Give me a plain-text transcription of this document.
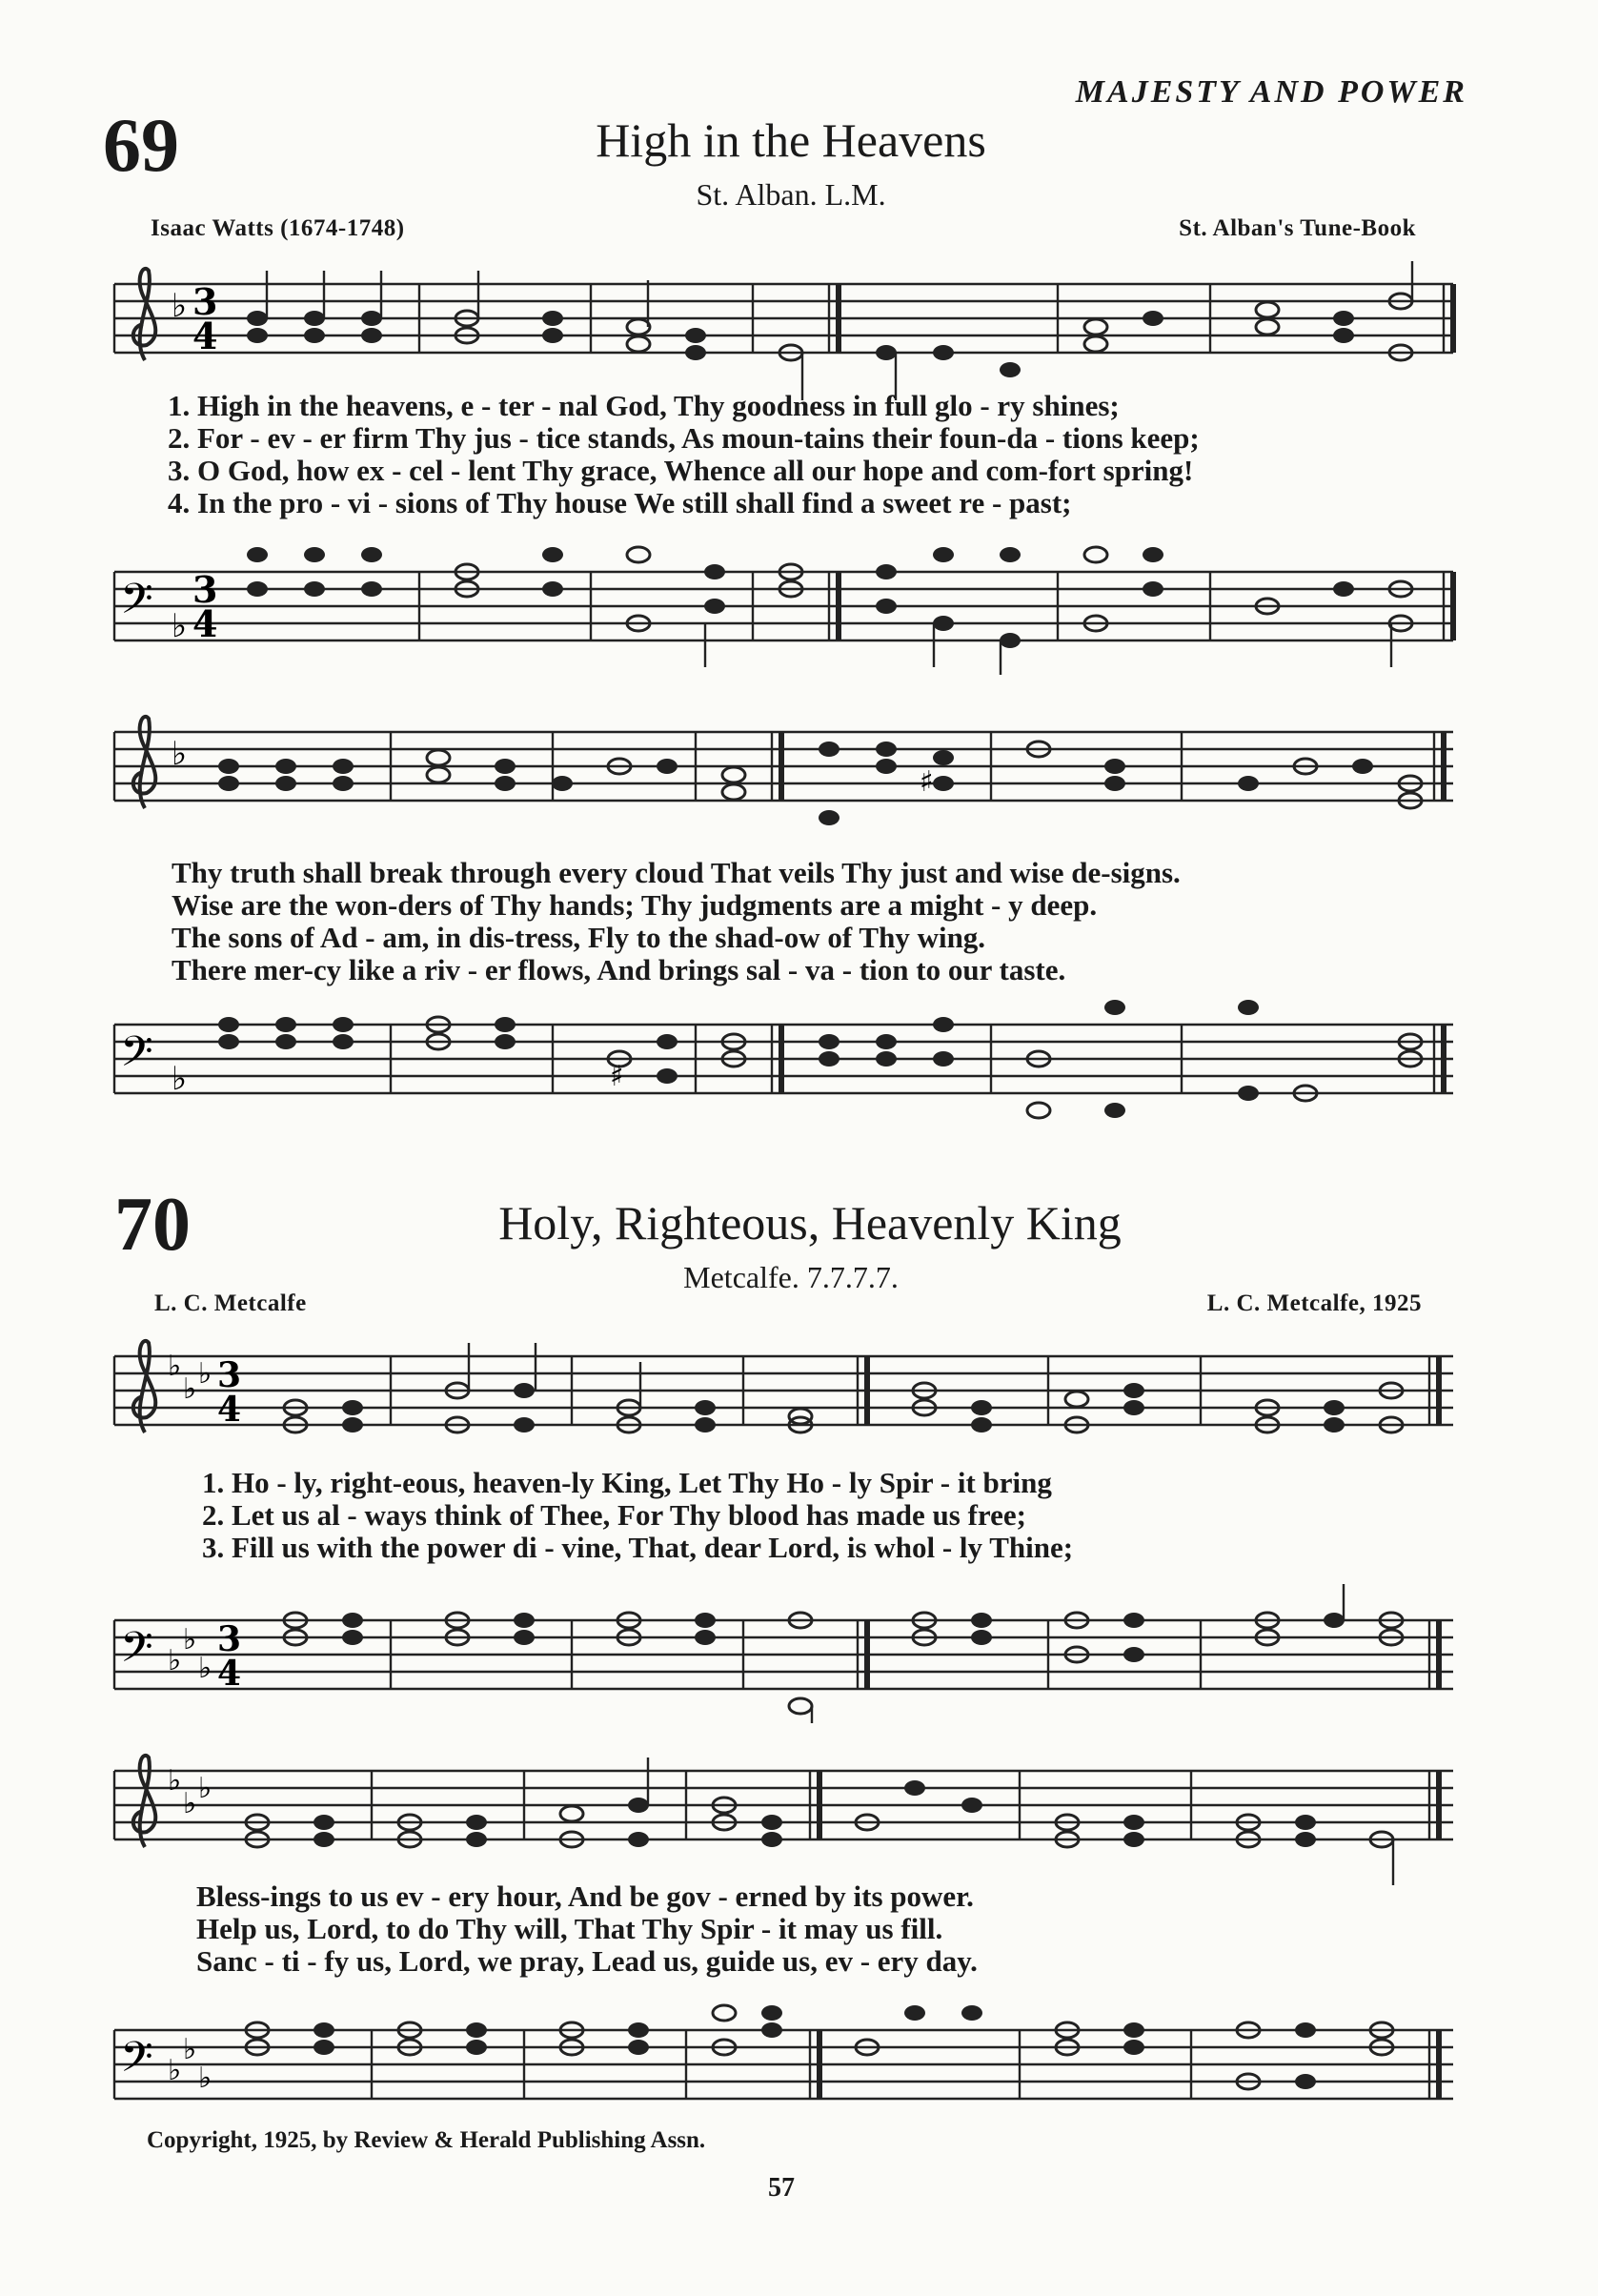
MAJESTY AND POWER
69	High in the Heavens
St. Alban. L.M.
Isaac Watts (1674-1748)	St. Alban's Tune-Book
♭ 3
4
1. High in the heavens, e - ter - nal God, Thy goodness in full glo - ry shines;
2. For - ev - er firm Thy jus - tice stands, As moun-tains their foun-da - tions keep;
3. O God, how ex - cel - lent Thy grace, Whence all our hope and com-fort spring!
4. In the pro - vi - sions of Thy house We still shall find a sweet re - past;
𝄢 ♭
3
4
♭
♯
Thy truth shall break through every cloud That veils Thy just and wise de-signs.
Wise are the won-ders of Thy hands; Thy judgments are a might - y deep.
The sons of Ad - am, in dis-tress, Fly to the shad-ow of Thy wing.
There mer-cy like a riv - er flows, And brings sal - va - tion to our taste.
𝄢 ♭	♯
70	Holy, Righteous, Heavenly King
Metcalfe. 7.7.7.7.
L. C. Metcalfe	L. C. Metcalfe, 1925
♭
♭ ♭ 3
4
1. Ho - ly, right-eous, heaven-ly King, Let Thy Ho - ly Spir - it bring
2. Let us al - ways think of Thee, For Thy blood has made us free;
3. Fill us with the power di - vine, That, dear Lord, is whol - ly Thine;
𝄢 ♭
♭
♭
3
4
♭
♭ ♭
Bless-ings to us ev - ery hour, And be gov - erned by its power.
Help us, Lord, to do Thy will, That Thy Spir - it may us fill.
Sanc - ti - fy us, Lord, we pray, Lead us, guide us, ev - ery day.
𝄢 ♭
♭
♭
Copyright, 1925, by Review & Herald Publishing Assn.
57
